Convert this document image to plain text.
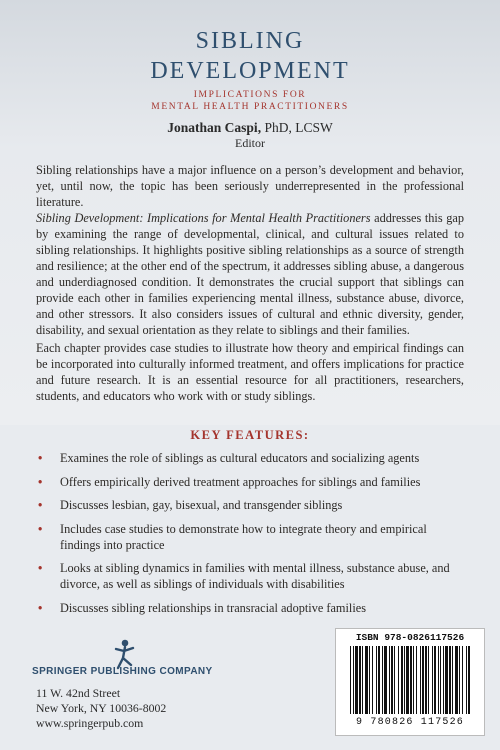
SIBLING
DEVELOPMENT
IMPLICATIONS FOR
MENTAL HEALTH PRACTITIONERS
Jonathan Caspi, PhD, LCSW
Editor

Sibling relationships have a major influence on a person’s development and behavior, yet, until now, the topic has been seriously underrepresented in the professional literature.

Sibling Development: Implications for Mental Health Practitioners addresses this gap by examining the range of developmental, clinical, and cultural issues related to sibling relationships. It highlights positive sibling relationships as a source of strength and resilience; at the other end of the spectrum, it addresses sibling abuse, a dangerous and underdiagnosed condition. It demonstrates the crucial support that siblings can provide each other in families experiencing mental illness, substance abuse, divorce, and other stressors. It also considers issues of cultural and ethnic diversity, gender, disability, and sexual orientation as they relate to siblings and their families.

Each chapter provides case studies to illustrate how theory and empirical findings can be incorporated into culturally informed treatment, and offers implications for practice and future research. It is an essential resource for all practitioners, researchers, students, and educators who work with or study siblings.

KEY FEATURES:
• Examines the role of siblings as cultural educators and socializing agents
• Offers empirically derived treatment approaches for siblings and families
• Discusses lesbian, gay, bisexual, and transgender siblings
• Includes case studies to demonstrate how to integrate theory and empirical findings into practice
• Looks at sibling dynamics in families with mental illness, substance abuse, and divorce, as well as siblings of individuals with disabilities
• Discusses sibling relationships in transracial adoptive families
SPRINGER PUBLISHING COMPANY
11 W. 42nd Street
New York, NY 10036-8002
www.springerpub.com
ISBN 978-0826117526
9 780826 117526
